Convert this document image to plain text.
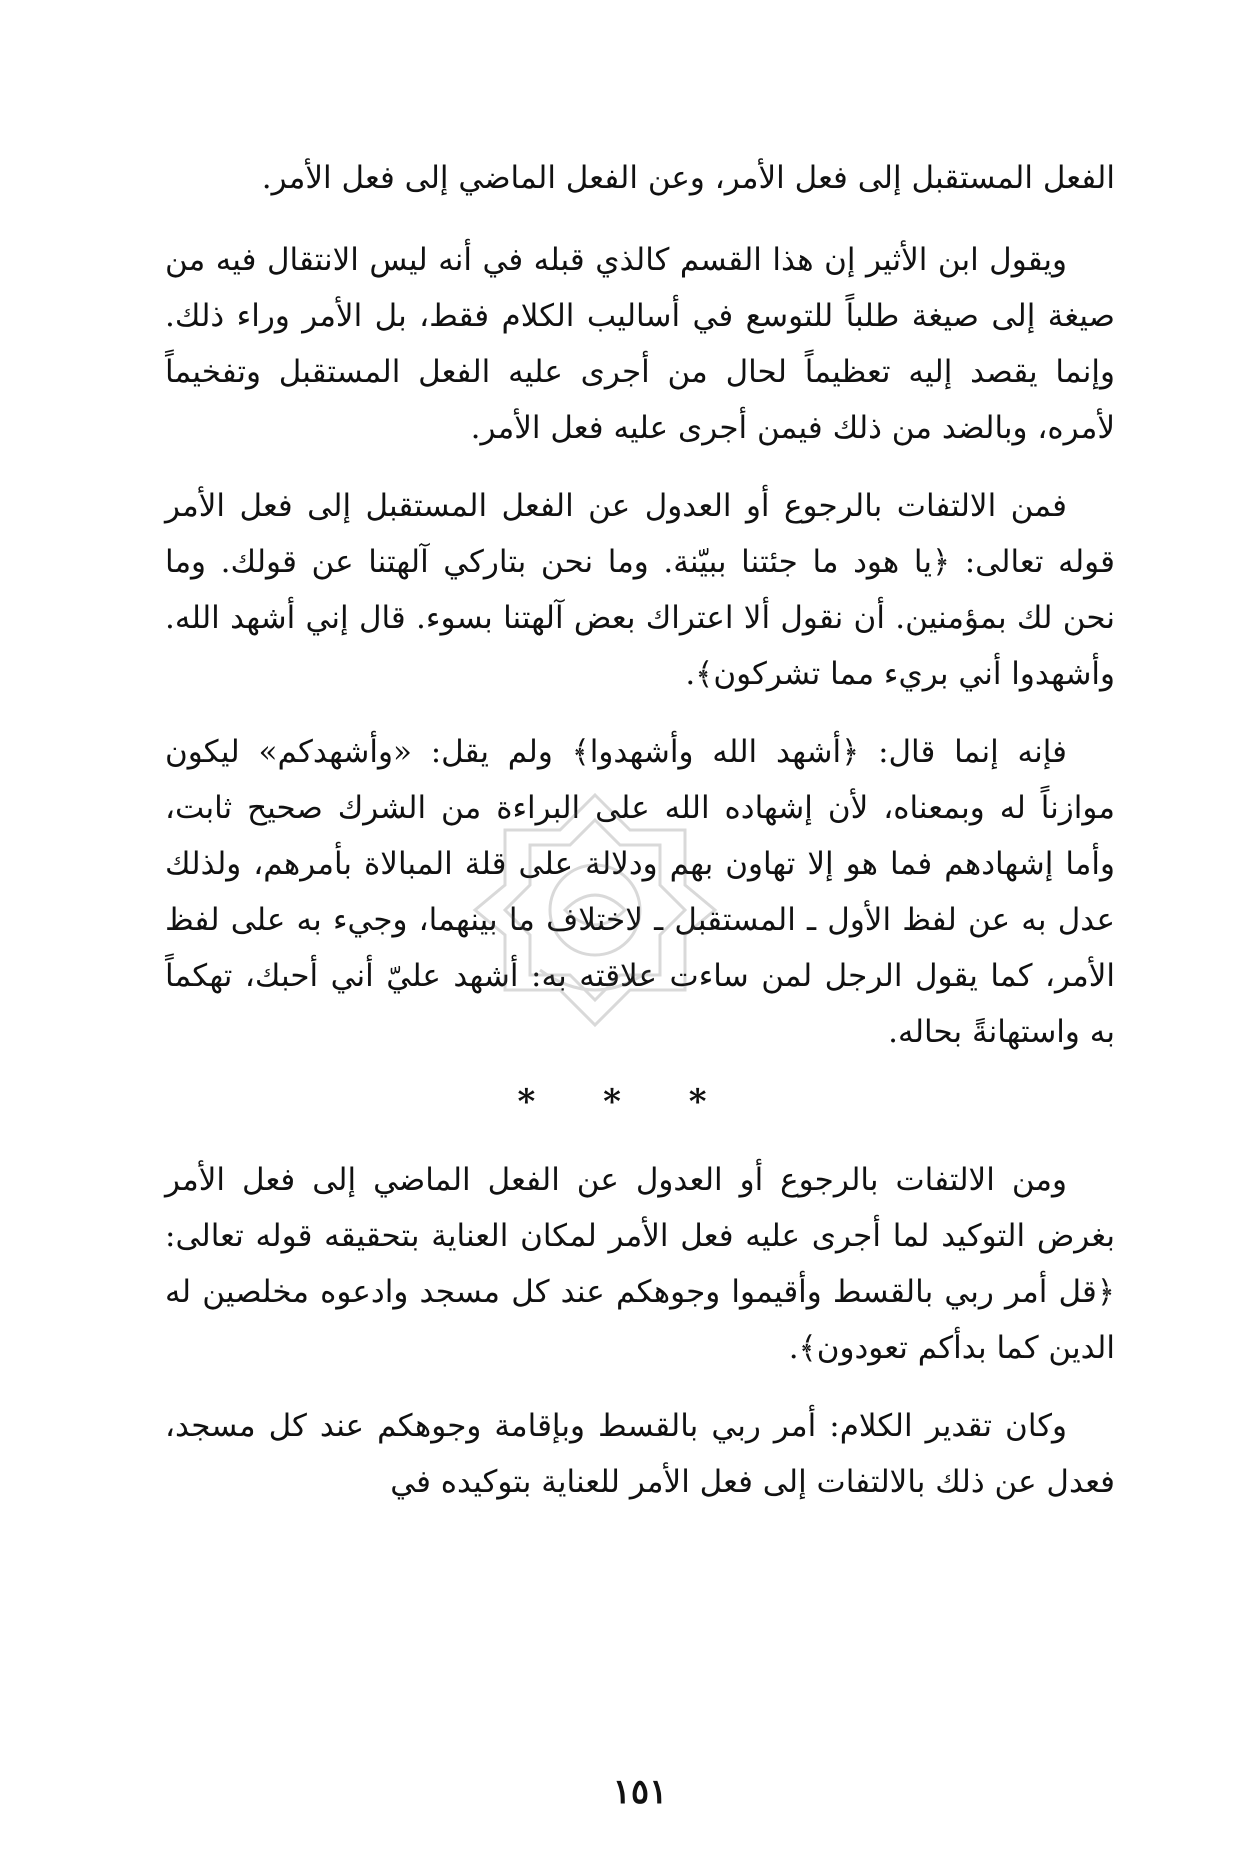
الفعل المستقبل إلى فعل الأمر، وعن الفعل الماضي إلى فعل الأمر.

ويقول ابن الأثير إن هذا القسم كالذي قبله في أنه ليس الانتقال فيه من صيغة إلى صيغة طلباً للتوسع في أساليب الكلام فقط، بل الأمر وراء ذلك. وإنما يقصد إليه تعظيماً لحال من أجرى عليه الفعل المستقبل وتفخيماً لأمره، وبالضد من ذلك فيمن أجرى عليه فعل الأمر.

فمن الالتفات بالرجوع أو العدول عن الفعل المستقبل إلى فعل الأمر قوله تعالى: ﴿يا هود ما جئتنا ببيّنة. وما نحن بتاركي آلهتنا عن قولك. وما نحن لك بمؤمنين. أن نقول ألا اعتراك بعض آلهتنا بسوء. قال إني أشهد الله. وأشهدوا أني بريء مما تشركون﴾.

فإنه إنما قال: ﴿أشهد الله وأشهدوا﴾ ولم يقل: «وأشهدكم» ليكون موازناً له وبمعناه، لأن إشهاده الله على البراءة من الشرك صحيح ثابت، وأما إشهادهم فما هو إلا تهاون بهم ودلالة على قلة المبالاة بأمرهم، ولذلك عدل به عن لفظ الأول ـ المستقبل ـ لاختلاف ما بينهما، وجيء به على لفظ الأمر، كما يقول الرجل لمن ساءت علاقته به: أشهد عليّ أني أحبك، تهكماً به واستهانةً بحاله.

* * *

ومن الالتفات بالرجوع أو العدول عن الفعل الماضي إلى فعل الأمر بغرض التوكيد لما أجرى عليه فعل الأمر لمكان العناية بتحقيقه قوله تعالى: ﴿قل أمر ربي بالقسط وأقيموا وجوهكم عند كل مسجد وادعوه مخلصين له الدين كما بدأكم تعودون﴾.

وكان تقدير الكلام: أمر ربي بالقسط وبإقامة وجوهكم عند كل مسجد، فعدل عن ذلك بالالتفات إلى فعل الأمر للعناية بتوكيده في

١٥١
